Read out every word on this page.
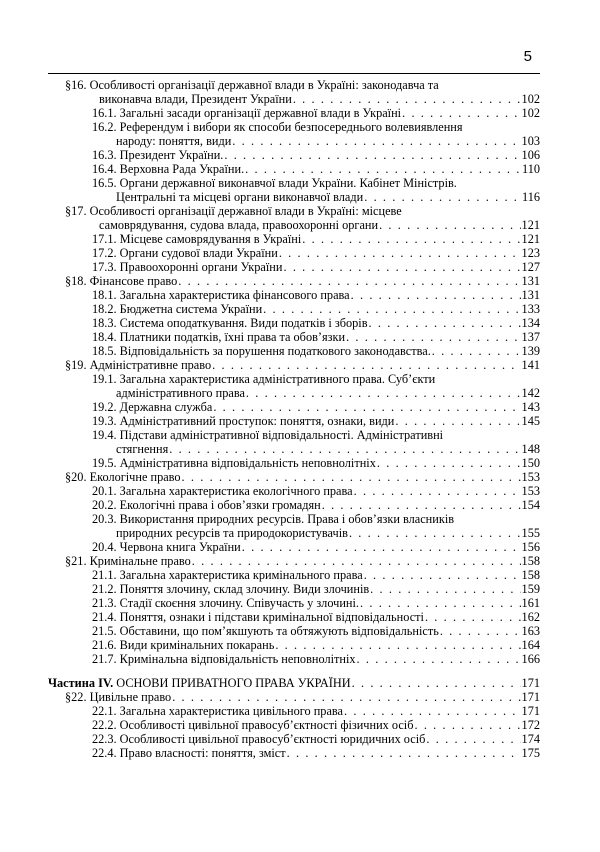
5
§16. Особливості організації державної влади в Україні: законодавча та
виконавча влади, Президент України . . .	102
16.1. Загальні засади організації державної влади в Україні . . .	102
16.2. Референдум і вибори як способи безпосереднього волевиявлення
народу: поняття, види . . .	103
16.3. Президент України. . . .	106
16.4. Верховна Рада України. . . .	110
16.5. Органи державної виконавчої влади України. Кабінет Міністрів.
Центральні та місцеві органи виконавчої влади . . .	116
§17. Особливості організації державної влади в Україні: місцеве
самоврядування, судова влада, правоохоронні органи . . .	121
17.1. Місцеве самоврядування в Україні . . .	121
17.2. Органи судової влади України . . .	123
17.3. Правоохоронні органи України . . .	127
§18. Фінансове право . . .	131
18.1. Загальна характеристика фінансового права . . .	131
18.2. Бюджетна система України . . .	133
18.3. Система оподаткування. Види податків і зборів . . .	134
18.4. Платники податків, їхні права та обов’язки . . .	137
18.5. Відповідальність за порушення податкового законодавства. . . .	139
§19. Адміністративне право . . .	141
19.1. Загальна характеристика адміністративного права. Суб’єкти
адміністративного права . . .	142
19.2. Державна служба . . .	143
19.3. Адміністративний проступок: поняття, ознаки, види . . .	145
19.4. Підстави адміністративної відповідальності. Адміністративні
стягнення . . .	148
19.5. Адміністративна відповідальність неповнолітніх . . .	150
§20. Екологічне право . . .	153
20.1. Загальна характеристика екологічного права . . .	153
20.2. Екологічні права і обов’язки громадян . . .	154
20.3. Використання природних ресурсів. Права і обов’язки власників
природних ресурсів та природокористувачів . . .	155
20.4. Червона книга України . . .	156
§21. Кримінальне право . . .	158
21.1. Загальна характеристика кримінального права . . .	158
21.2. Поняття злочину, склад злочину. Види злочинів . . .	159
21.3. Стадії скоєння злочину. Співучасть у злочині. . . .	161
21.4. Поняття, ознаки і підстави кримінальної відповідальності . . .	162
21.5. Обставини, що пом’якшують та обтяжують відповідальність . . .	163
21.6. Види кримінальних покарань . . .	164
21.7. Кримінальна відповідальність неповнолітніх . . .	166
Частина IV. ОСНОВИ ПРИВАТНОГО ПРАВА УКРАЇНИ . . .	171
§22. Цивільне право . . .	171
22.1. Загальна характеристика цивільного права . . .	171
22.2. Особливості цивільної правосуб’єктності фізичних осіб . . .	172
22.3. Особливості цивільної правосуб’єктності юридичних осіб . . .	174
22.4. Право власності: поняття, зміст . . .	175
